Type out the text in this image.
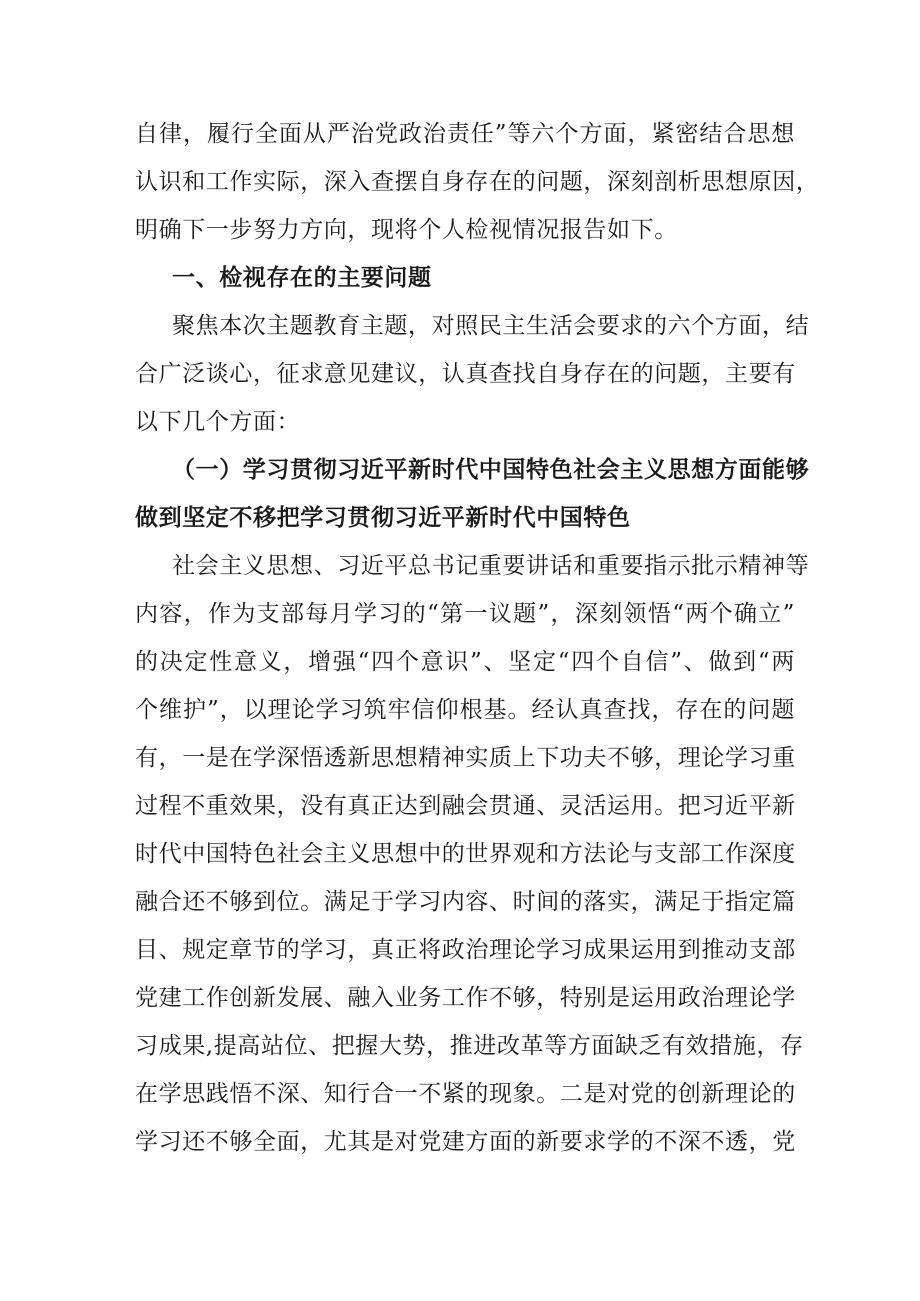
自律，履行全面从严治党政治责任”等六个方面，紧密结合思想
认识和工作实际，深入查摆自身存在的问题，深刻剖析思想原因，
明确下一步努力方向，现将个人检视情况报告如下。
一、检视存在的主要问题
聚焦本次主题教育主题，对照民主生活会要求的六个方面，结
合广泛谈心，征求意见建议，认真查找自身存在的问题，主要有
以下几个方面：
（一）学习贯彻习近平新时代中国特色社会主义思想方面能够
做到坚定不移把学习贯彻习近平新时代中国特色
社会主义思想、习近平总书记重要讲话和重要指示批示精神等
内容，作为支部每月学习的“第一议题”，深刻领悟“两个确立”
的决定性意义，增强“四个意识”、坚定“四个自信”、做到“两
个维护”，以理论学习筑牢信仰根基。经认真查找，存在的问题
有，一是在学深悟透新思想精神实质上下功夫不够，理论学习重
过程不重效果，没有真正达到融会贯通、灵活运用。把习近平新
时代中国特色社会主义思想中的世界观和方法论与支部工作深度
融合还不够到位。满足于学习内容、时间的落实，满足于指定篇
目、规定章节的学习，真正将政治理论学习成果运用到推动支部
党建工作创新发展、融入业务工作不够，特别是运用政治理论学
习成果,提高站位、把握大势，推进改革等方面缺乏有效措施，存
在学思践悟不深、知行合一不紧的现象。二是对党的创新理论的
学习还不够全面，尤其是对党建方面的新要求学的不深不透，党
